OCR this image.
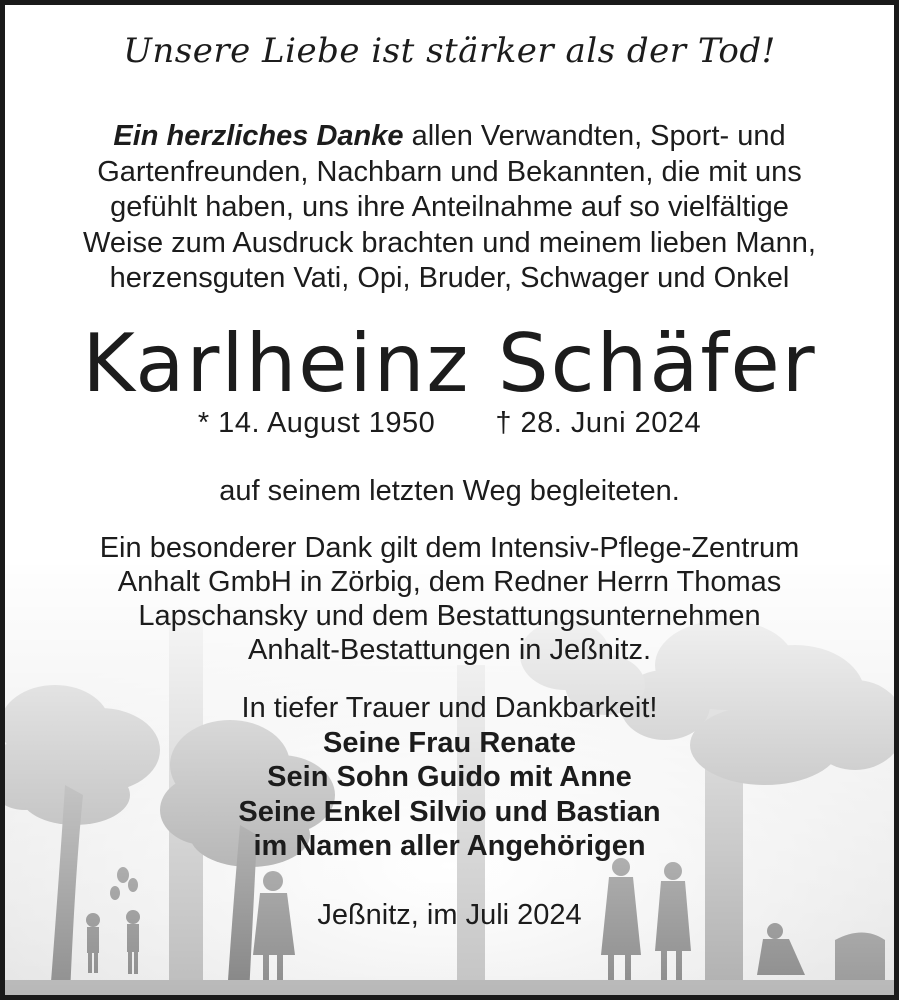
Unsere Liebe ist stärker als der Tod!
Ein herzliches Danke allen Verwandten, Sport- und
Gartenfreunden, Nachbarn und Bekannten, die mit uns
gefühlt haben, uns ihre Anteilnahme auf so vielfältige
Weise zum Ausdruck brachten und meinem lieben Mann,
herzensguten Vati, Opi, Bruder, Schwager und Onkel
Karlheinz Schäfer
* 14. August 1950 † 28. Juni 2024
auf seinem letzten Weg begleiteten.
Ein besonderer Dank gilt dem Intensiv-Pflege-Zentrum
Anhalt GmbH in Zörbig, dem Redner Herrn Thomas
Lapschansky und dem Bestattungsunternehmen
Anhalt-Bestattungen in Jeßnitz.
In tiefer Trauer und Dankbarkeit!
Seine Frau Renate
Sein Sohn Guido mit Anne
Seine Enkel Silvio und Bastian
im Namen aller Angehörigen
Jeßnitz, im Juli 2024
